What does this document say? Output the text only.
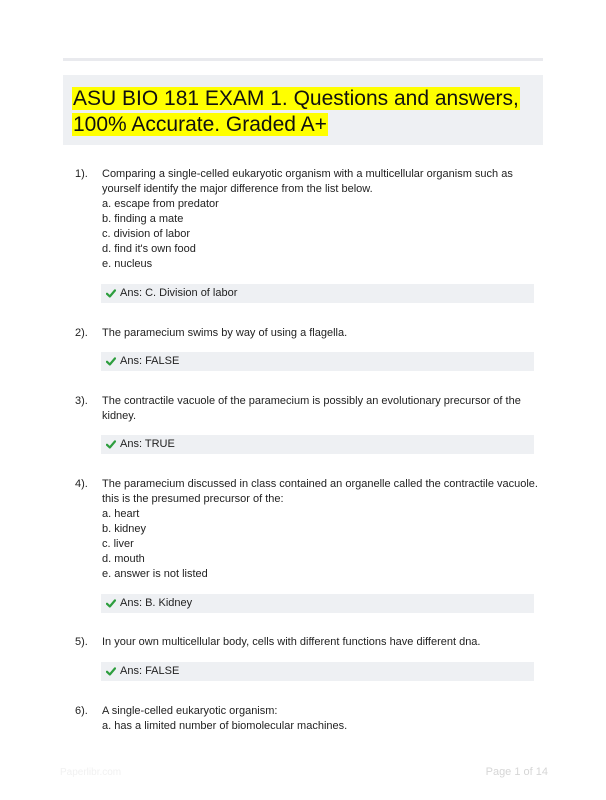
ASU BIO 181 EXAM 1. Questions and answers,
100% Accurate. Graded A+
1). Comparing a single-celled eukaryotic organism with a multicellular organism such as
yourself identify the major difference from the list below.
a. escape from predator
b. finding a mate
c. division of labor
d. find it's own food
e. nucleus
Ans: C. Division of labor
2). The paramecium swims by way of using a flagella.
Ans: FALSE
3). The contractile vacuole of the paramecium is possibly an evolutionary precursor of the
kidney.
Ans: TRUE
4). The paramecium discussed in class contained an organelle called the contractile vacuole.
this is the presumed precursor of the:
a. heart
b. kidney
c. liver
d. mouth
e. answer is not listed
Ans: B. Kidney
5). In your own multicellular body, cells with different functions have different dna.
Ans: FALSE
6). A single-celled eukaryotic organism:
a. has a limited number of biomolecular machines.
Paperlibr.com	Page 1 of 14
